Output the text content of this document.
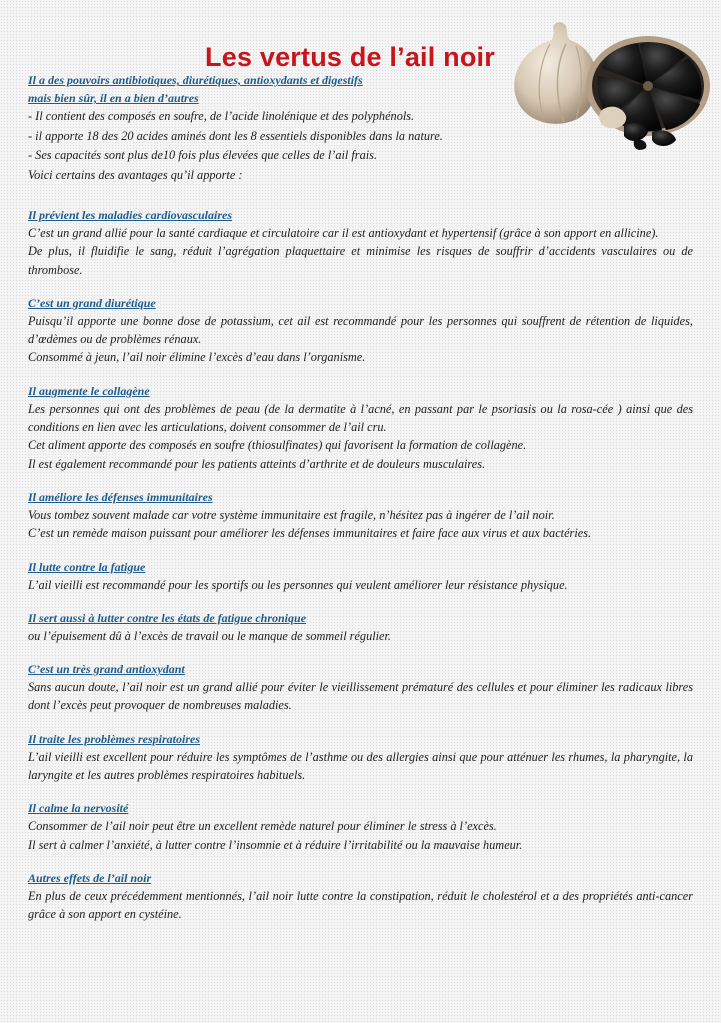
Les vertus de l’ail noir

Il a des pouvoirs antibiotiques, diurétiques, antioxydants et digestifs mais bien sûr, il en a bien d’autres

- Il contient des composés en soufre, de l’acide linolénique et des polyphénols.

- il apporte 18 des 20 acides aminés dont les 8 essentiels disponibles dans la nature.

- Ses capacités sont plus de10 fois plus élevées que celles de l’ail frais.

Voici certains des avantages qu’il apporte :

Il prévient les maladies cardiovasculaires

C’est un grand allié pour la santé cardiaque et circulatoire car il est antioxydant et hypertensif (grâce à son apport en allicine).

De plus, il fluidifie le sang, réduit l’agrégation plaquettaire et minimise les risques de souffrir d’accidents vasculaires ou de thrombose.

C’est un grand diurétique

Puisqu’il apporte une bonne dose de potassium, cet ail est recommandé pour les personnes qui souffrent de rétention de liquides, d’œdèmes ou de problèmes rénaux.

Consommé à jeun, l’ail noir élimine l’excès d’eau dans l’organisme.

Il augmente le collagène

Les personnes qui ont des problèmes de peau (de la dermatite à l’acné, en passant par le psoriasis ou la rosa-cée ) ainsi que des conditions en lien avec les articulations, doivent consommer de l’ail cru.

Cet aliment apporte des composés en soufre (thiosulfinates) qui favorisent la formation de collagène.

Il est également recommandé pour les patients atteints d’arthrite et de douleurs musculaires.

Il améliore les défenses immunitaires

Vous tombez souvent malade car votre système immunitaire est fragile, n’hésitez pas à ingérer de l’ail noir.

C’est un remède maison puissant pour améliorer les défenses immunitaires et faire face aux virus et aux bactéries.

Il lutte contre la fatigue

L’ail vieilli est recommandé pour les sportifs ou les personnes qui veulent améliorer leur résistance physique.

Il sert aussi à lutter contre les états de fatigue chronique

ou l’épuisement dû à l’excès de travail ou le manque de sommeil régulier.

C’est un très grand antioxydant

Sans aucun doute, l’ail noir est un grand allié pour éviter le vieillissement prématuré des cellules et pour éliminer les radicaux libres dont l’excès peut provoquer de nombreuses maladies.

Il traite les problèmes respiratoires

L’ail vieilli est excellent pour réduire les symptômes de l’asthme ou des allergies ainsi que pour atténuer les rhumes, la pharyngite, la laryngite et les autres problèmes respiratoires habituels.

Il calme la nervosité

Consommer de l’ail noir peut être un excellent remède naturel pour éliminer le stress à l’excès.

Il sert à calmer l’anxiété, à lutter contre l’insomnie et à réduire l’irritabilité ou la mauvaise humeur.

Autres effets de l’ail noir

En plus de ceux précédemment mentionnés, l’ail noir lutte contre la constipation, réduit le cholestérol et a des propriétés anti-cancer grâce à son apport en cystéine.
